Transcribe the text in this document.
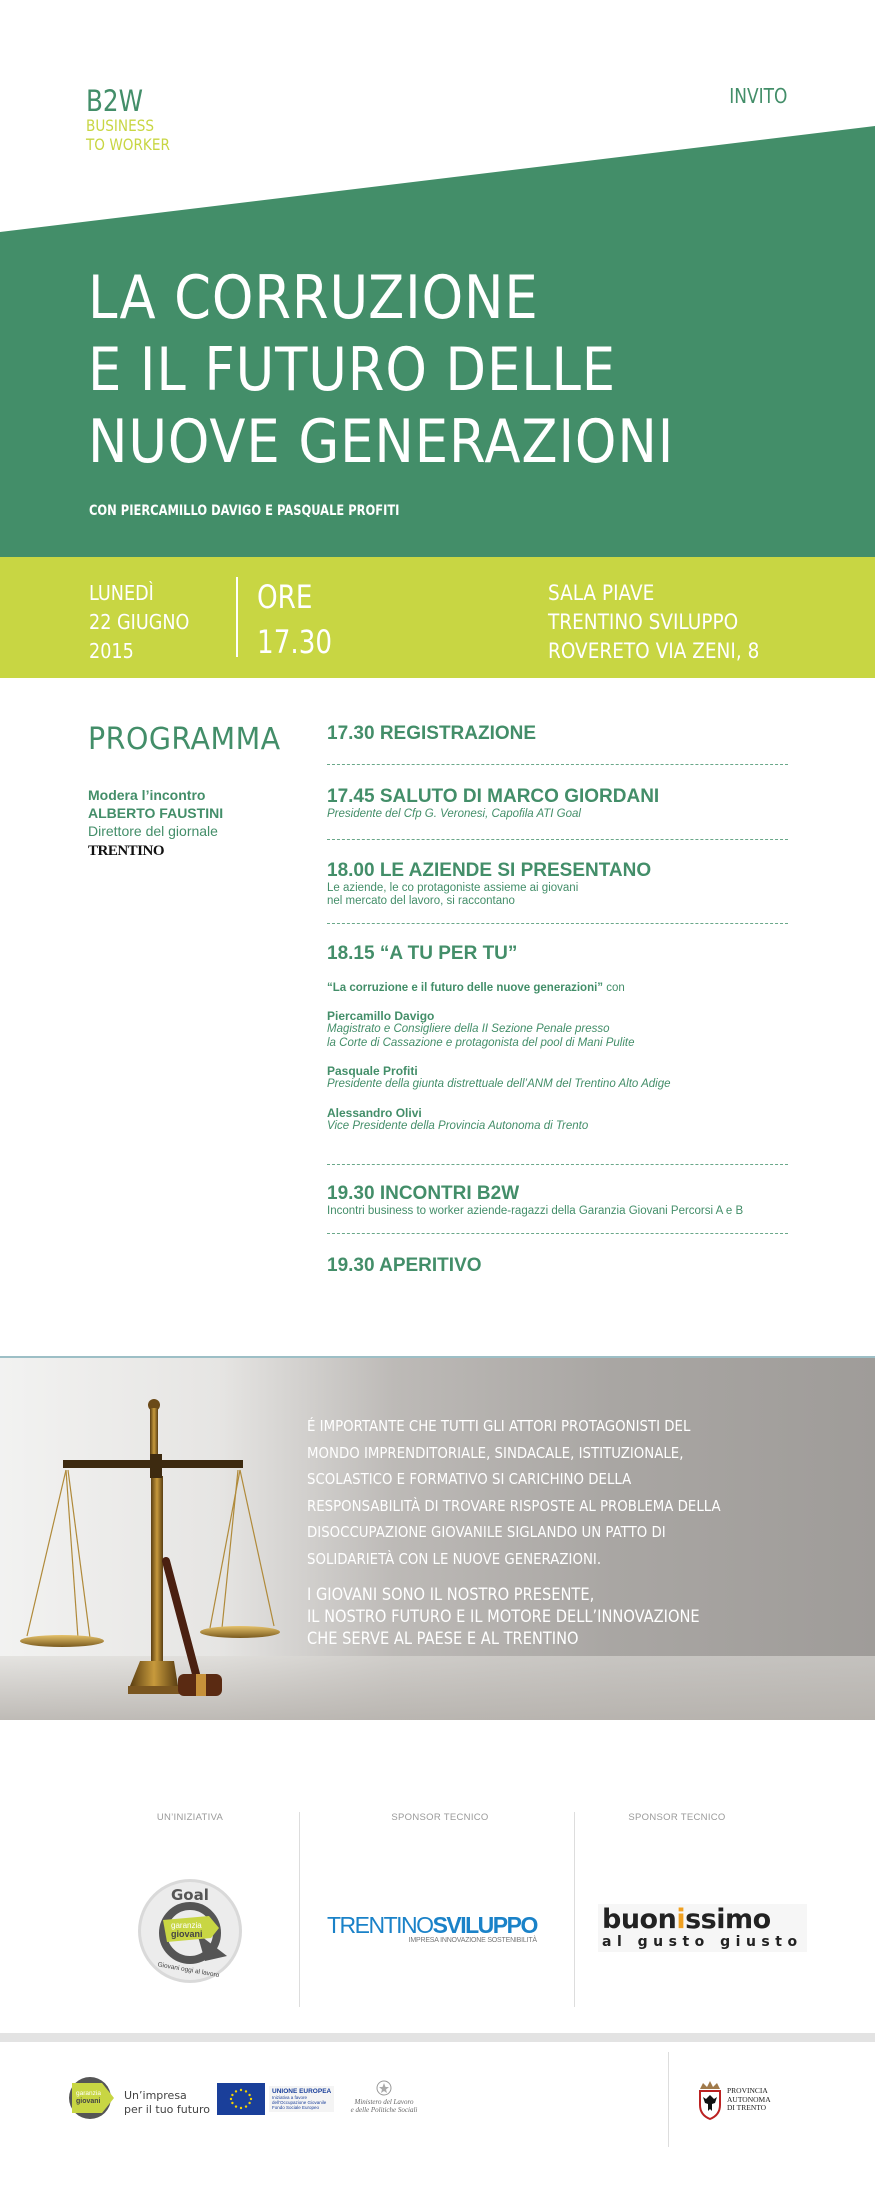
B2W
BUSINESS
TO WORKER
INVITO
LA CORRUZIONE
E IL FUTURO DELLE
NUOVE GENERAZIONI
CON PIERCAMILLO DAVIGO E PASQUALE PROFITI
LUNEDÌ
22 GIUGNO
2015
ORE
17.30
SALA PIAVE
TRENTINO SVILUPPO
ROVERETO VIA ZENI, 8
PROGRAMMA
Modera l’incontro
ALBERTO FAUSTINI
Direttore del giornale
TRENTINO
17.30 REGISTRAZIONE
17.45 SALUTO DI MARCO GIORDANI
Presidente del Cfp G. Veronesi, Capofila ATI Goal
18.00 LE AZIENDE SI PRESENTANO
Le aziende, le co protagoniste assieme ai giovani
nel mercato del lavoro, si raccontano
18.15 “A TU PER TU”
“La corruzione e il futuro delle nuove generazioni” con
Piercamillo Davigo
Magistrato e Consigliere della II Sezione Penale presso
la Corte di Cassazione e protagonista del pool di Mani Pulite
Pasquale Profiti
Presidente della giunta distrettuale dell’ANM del Trentino Alto Adige
Alessandro Olivi
Vice Presidente della Provincia Autonoma di Trento
19.30 INCONTRI B2W
Incontri business to worker aziende-ragazzi della Garanzia Giovani Percorsi A e B
19.30 APERITIVO
É IMPORTANTE CHE TUTTI GLI ATTORI PROTAGONISTI DEL
MONDO IMPRENDITORIALE, SINDACALE, ISTITUZIONALE,
SCOLASTICO E FORMATIVO SI CARICHINO DELLA
RESPONSABILITÀ DI TROVARE RISPOSTE AL PROBLEMA DELLA
DISOCCUPAZIONE GIOVANILE SIGLANDO UN PATTO DI
SOLIDARIETÀ CON LE NUOVE GENERAZIONI.
I GIOVANI SONO IL NOSTRO PRESENTE,
IL NOSTRO FUTURO E IL MOTORE DELL’INNOVAZIONE
CHE SERVE AL PAESE E AL TRENTINO
UN’INIZIATIVA
Goal
garanzia
giovani
Giovani oggi al lavoro
SPONSOR TECNICO
TRENTINOSVILUPPO
IMPRESA INNOVAZIONE SOSTENIBILITÀ
SPONSOR TECNICO
buonissimo
al gusto giusto
garanzia
giovani Un’impresa
per il tuo futuro
UNIONE EUROPEA
Iniziativa a favore
dell’Occupazione Giovanile
Fondo Sociale Europeo
Ministero del Lavoro
e delle Politiche Sociali
PROVINCIA
AUTONOMA
DI TRENTO
